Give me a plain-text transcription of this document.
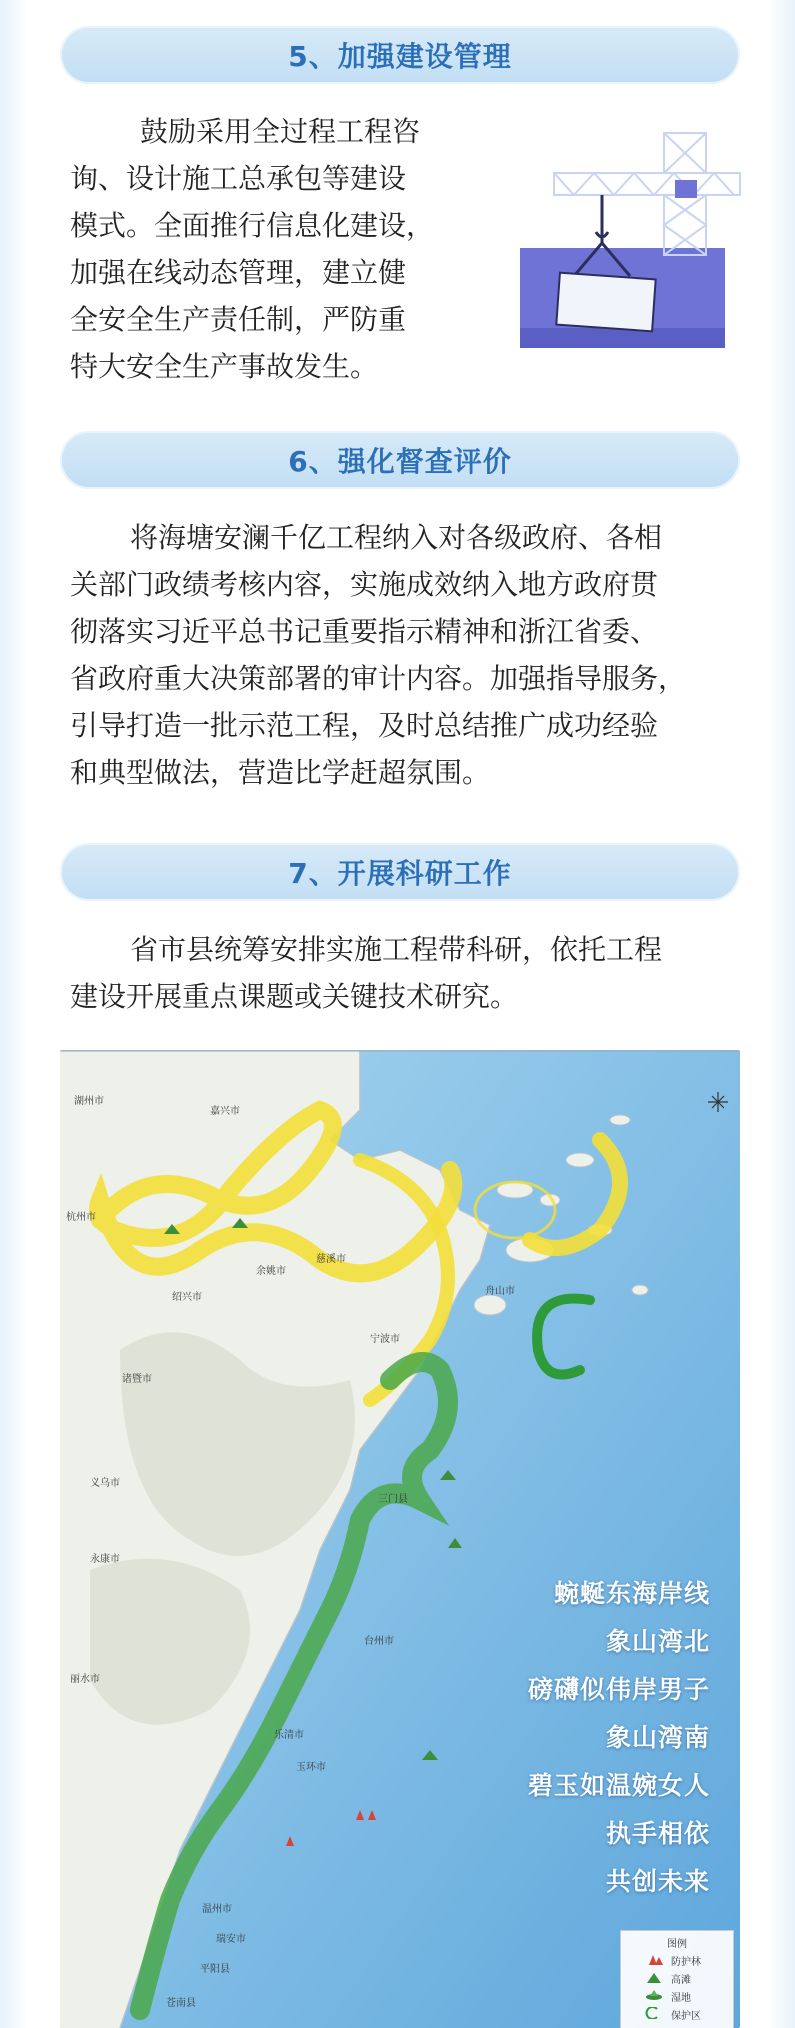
5、加强建设管理

鼓励采用全过程工程咨
询、设计施工总承包等建设
模式。全面推行信息化建设，
加强在线动态管理，建立健
全安全生产责任制，严防重
特大安全生产事故发生。

6、强化督查评价

将海塘安澜千亿工程纳入对各级政府、各相
关部门政绩考核内容，实施成效纳入地方政府贯
彻落实习近平总书记重要指示精神和浙江省委、
省政府重大决策部署的审计内容。加强指导服务，
引导打造一批示范工程，及时总结推广成功经验
和典型做法，营造比学赶超氛围。

7、开展科研工作

省市县统筹安排实施工程带科研，依托工程
建设开展重点课题或关键技术研究。

湖州市
嘉兴市
杭州市
绍兴市
宁波市
舟山市
台州市
温州市
诸暨市
义乌市
永康市
丽水市
慈溪市
余姚市
三门县
玉环市
乐清市
瑞安市
平阳县
苍南县
蜿蜒东海岸线
象山湾北
磅礴似伟岸男子
象山湾南
碧玉如温婉女人
执手相依
共创未来
图例
防护林
高滩
湿地
保护区
